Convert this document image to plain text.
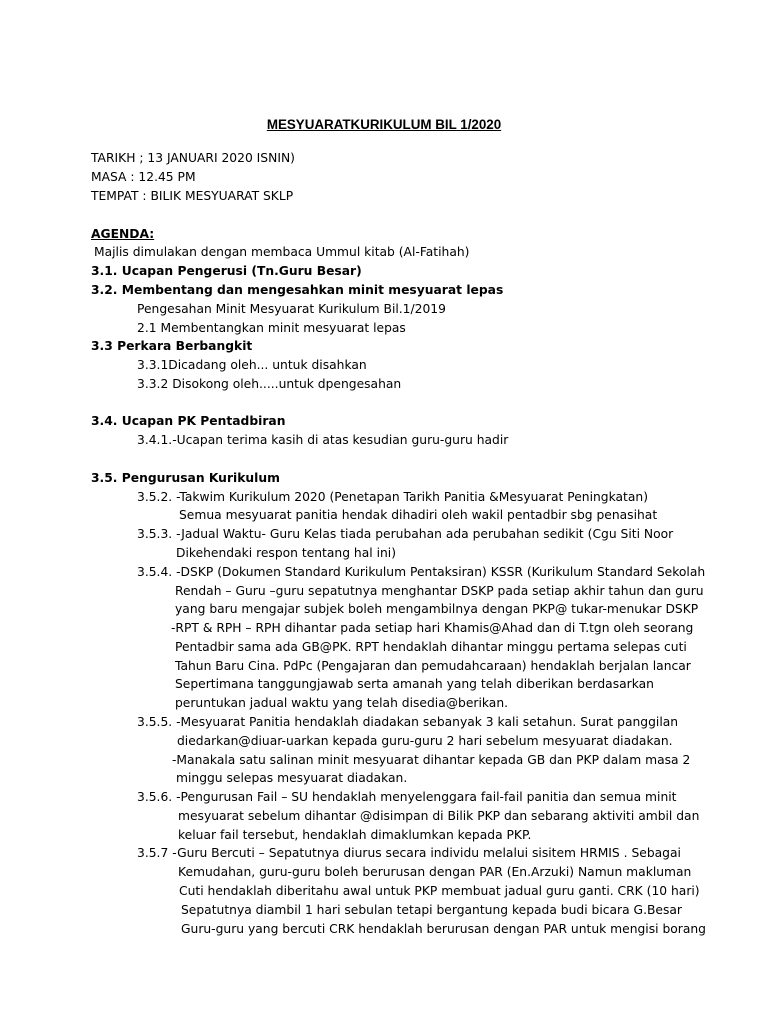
MESYUARATKURIKULUM BIL 1/2020
TARIKH ; 13 JANUARI 2020 ISNIN)
MASA : 12.45 PM
TEMPAT : BILIK MESYUARAT SKLP
AGENDA:
Majlis dimulakan dengan membaca Ummul kitab (Al-Fatihah)
3.1. Ucapan Pengerusi (Tn.Guru Besar)
3.2. Membentang dan mengesahkan minit mesyuarat lepas
Pengesahan Minit Mesyuarat Kurikulum Bil.1/2019
2.1 Membentangkan minit mesyuarat lepas
3.3 Perkara Berbangkit
3.3.1Dicadang oleh... untuk disahkan
3.3.2 Disokong oleh.....untuk dpengesahan
3.4. Ucapan PK Pentadbiran
3.4.1.-Ucapan terima kasih di atas kesudian guru-guru hadir
3.5. Pengurusan Kurikulum
3.5.2. -Takwim Kurikulum 2020 (Penetapan Tarikh Panitia &Mesyuarat Peningkatan)
Semua mesyuarat panitia hendak dihadiri oleh wakil pentadbir sbg penasihat
3.5.3. -Jadual Waktu- Guru Kelas tiada perubahan ada perubahan sedikit (Cgu Siti Noor
Dikehendaki respon tentang hal ini)
3.5.4. -DSKP (Dokumen Standard Kurikulum Pentaksiran) KSSR (Kurikulum Standard Sekolah
Rendah – Guru –guru sepatutnya menghantar DSKP pada setiap akhir tahun dan guru
yang baru mengajar subjek boleh mengambilnya dengan PKP@ tukar-menukar DSKP
-RPT & RPH – RPH dihantar pada setiap hari Khamis@Ahad dan di T.tgn oleh seorang
Pentadbir sama ada GB@PK. RPT hendaklah dihantar minggu pertama selepas cuti
Tahun Baru Cina. PdPc (Pengajaran dan pemudahcaraan) hendaklah berjalan lancar
Sepertimana tanggungjawab serta amanah yang telah diberikan berdasarkan
peruntukan jadual waktu yang telah disedia@berikan.
3.5.5. -Mesyuarat Panitia hendaklah diadakan sebanyak 3 kali setahun. Surat panggilan
diedarkan@diuar-uarkan kepada guru-guru 2 hari sebelum mesyuarat diadakan.
-Manakala satu salinan minit mesyuarat dihantar kepada GB dan PKP dalam masa 2
minggu selepas mesyuarat diadakan.
3.5.6. -Pengurusan Fail – SU hendaklah menyelenggara fail-fail panitia dan semua minit
mesyuarat sebelum dihantar @disimpan di Bilik PKP dan sebarang aktiviti ambil dan
keluar fail tersebut, hendaklah dimaklumkan kepada PKP.
3.5.7 -Guru Bercuti – Sepatutnya diurus secara individu melalui sisitem HRMIS . Sebagai
Kemudahan, guru-guru boleh berurusan dengan PAR (En.Arzuki) Namun makluman
Cuti hendaklah diberitahu awal untuk PKP membuat jadual guru ganti. CRK (10 hari)
Sepatutnya diambil 1 hari sebulan tetapi bergantung kepada budi bicara G.Besar
Guru-guru yang bercuti CRK hendaklah berurusan dengan PAR untuk mengisi borang
